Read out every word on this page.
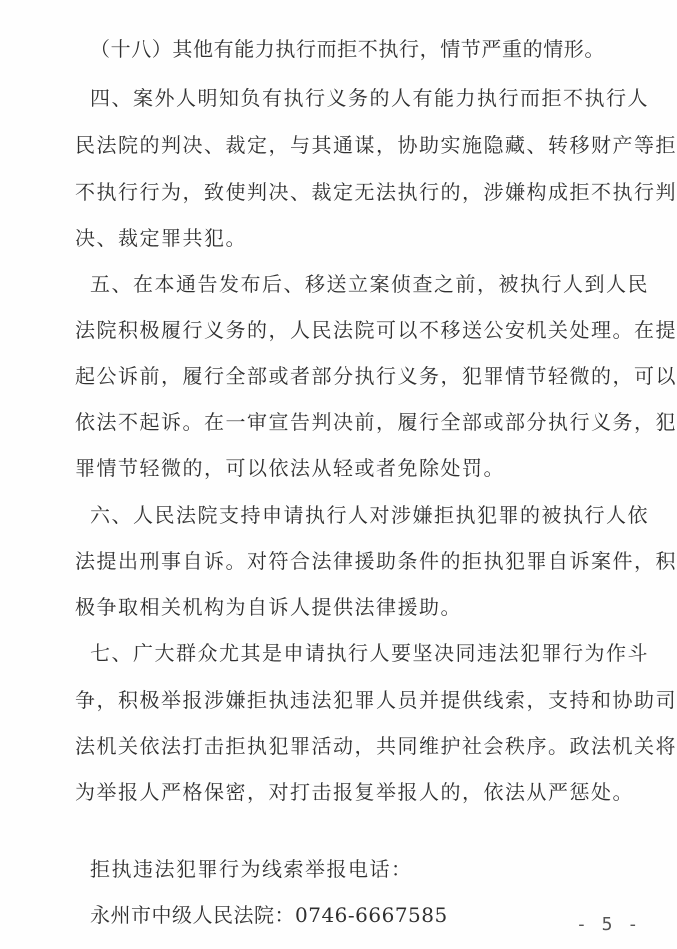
（十八）其他有能力执行而拒不执行，情节严重的情形。

四、案外人明知负有执行义务的人有能力执行而拒不执行人

民法院的判决、裁定，与其通谋，协助实施隐藏、转移财产等拒

不执行行为，致使判决、裁定无法执行的，涉嫌构成拒不执行判

决、裁定罪共犯。

五、在本通告发布后、移送立案侦查之前，被执行人到人民

法院积极履行义务的，人民法院可以不移送公安机关处理。在提

起公诉前，履行全部或者部分执行义务，犯罪情节轻微的，可以

依法不起诉。在一审宣告判决前，履行全部或部分执行义务，犯

罪情节轻微的，可以依法从轻或者免除处罚。

六、人民法院支持申请执行人对涉嫌拒执犯罪的被执行人依

法提出刑事自诉。对符合法律援助条件的拒执犯罪自诉案件，积

极争取相关机构为自诉人提供法律援助。

七、广大群众尤其是申请执行人要坚决同违法犯罪行为作斗

争，积极举报涉嫌拒执违法犯罪人员并提供线索，支持和协助司

法机关依法打击拒执犯罪活动，共同维护社会秩序。政法机关将

为举报人严格保密，对打击报复举报人的，依法从严惩处。

拒执违法犯罪行为线索举报电话：

永州市中级人民法院：0746-6667585	- 5 -
